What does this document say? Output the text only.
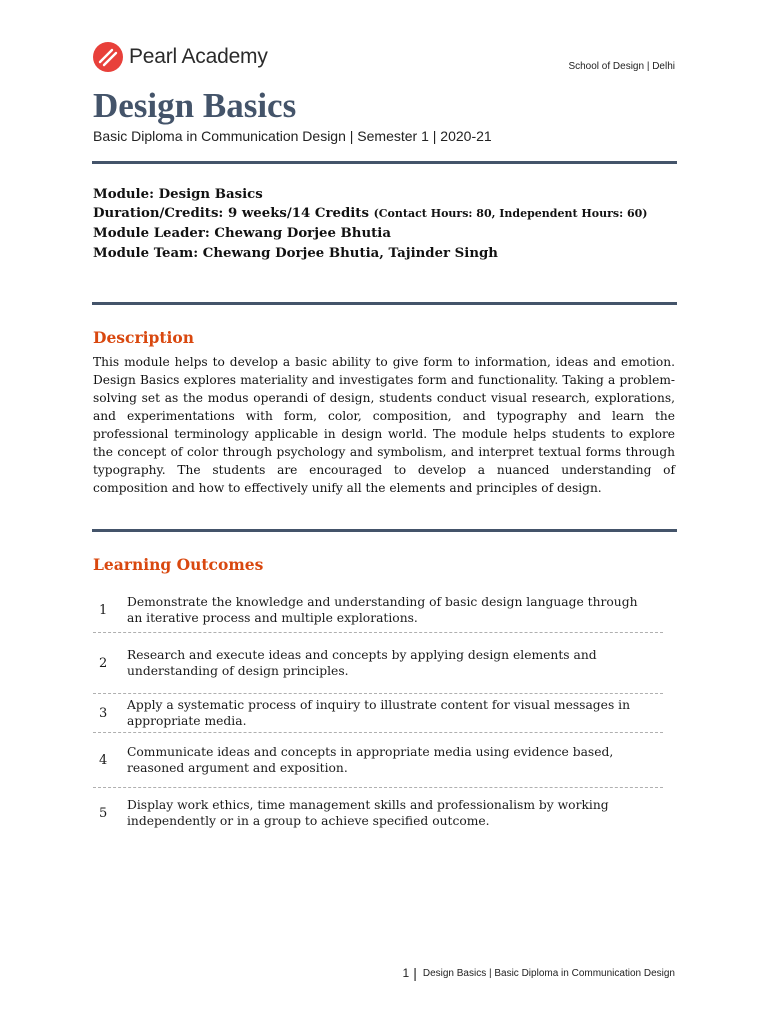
Pearl Academy	School of Design | Delhi
Design Basics
Basic Diploma in Communication Design | Semester 1 | 2020-21
Module: Design Basics
Duration/Credits: 9 weeks/14 Credits (Contact Hours: 80, Independent Hours: 60)
Module Leader: Chewang Dorjee Bhutia
Module Team: Chewang Dorjee Bhutia, Tajinder Singh
Description
This module helps to develop a basic ability to give form to information, ideas and emotion. Design Basics explores materiality and investigates form and functionality. Taking a problem-solving set as the modus operandi of design, students conduct visual research, explorations, and experimentations with form, color, composition, and typography and learn the professional terminology applicable in design world. The module helps students to explore the concept of color through psychology and symbolism, and interpret textual forms through typography. The students are encouraged to develop a nuanced understanding of composition and how to effectively unify all the elements and principles of design.
Learning Outcomes
1
Demonstrate the knowledge and understanding of basic design language through an iterative process and multiple explorations.
2
Research and execute ideas and concepts by applying design elements and understanding of design principles.
3
Apply a systematic process of inquiry to illustrate content for visual messages in appropriate media.
4
Communicate ideas and concepts in appropriate media using evidence based, reasoned argument and exposition.
5
Display work ethics, time management skills and professionalism by working independently or in a group to achieve specified outcome.
1 | Design Basics | Basic Diploma in Communication Design
